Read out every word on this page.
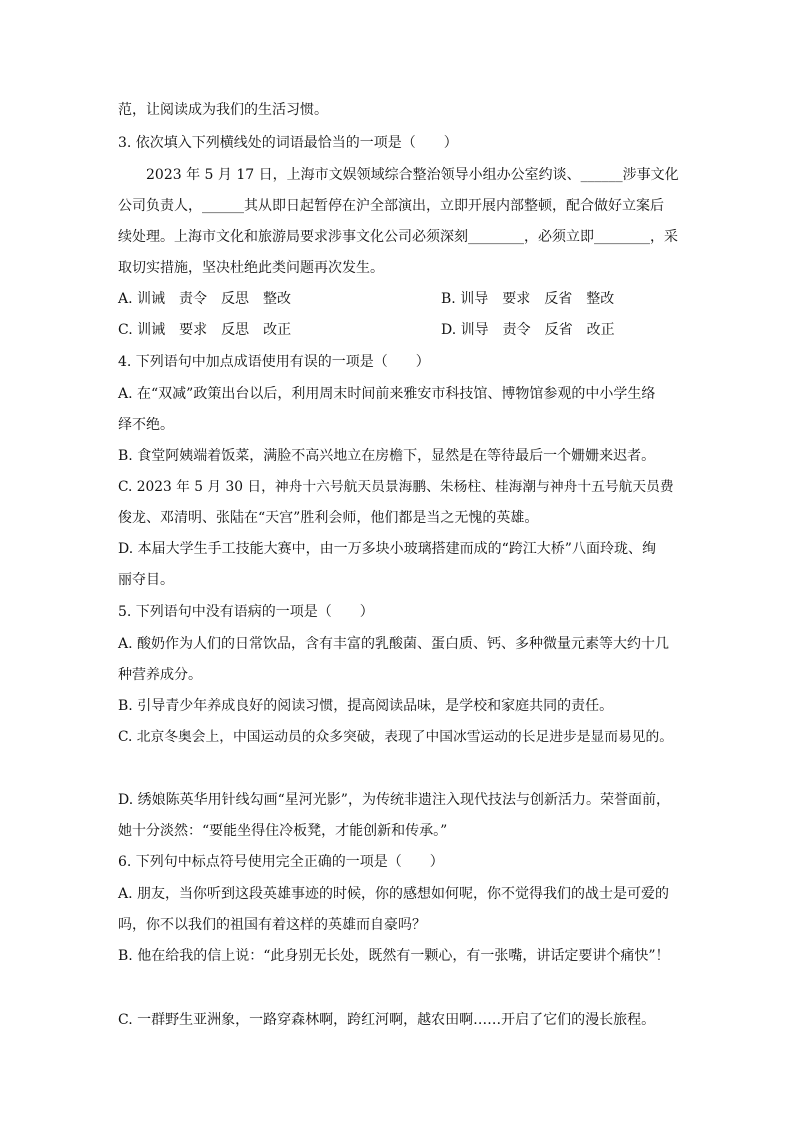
范，让阅读成为我们的生活习惯。
3. 依次填入下列横线处的词语最恰当的一项是（　　）
2023 年 5 月 17 日，上海市文娱领域综合整治领导小组办公室约谈、______涉事文化
公司负责人，______其从即日起暂停在沪全部演出，立即开展内部整顿，配合做好立案后
续处理。上海市文化和旅游局要求涉事文化公司必须深刻________，必须立即________，采
取切实措施，坚决杜绝此类问题再次发生。
A. 训诫　责令　反思　整改	B. 训导　要求　反省　整改
C. 训诫　要求　反思　改正	D. 训导　责令　反省　改正
4. 下列语句中加点成语使用有误的一项是（　　）
A. 在“双减”政策出台以后，利用周末时间前来雅安市科技馆、博物馆参观的中小学生络
绎不绝。
B. 食堂阿姨端着饭菜，满脸不高兴地立在房檐下，显然是在等待最后一个姗姗来迟者。
C. 2023 年 5 月 30 日，神舟十六号航天员景海鹏、朱杨柱、桂海潮与神舟十五号航天员费
俊龙、邓清明、张陆在“天宫”胜利会师，他们都是当之无愧的英雄。
D. 本届大学生手工技能大赛中，由一万多块小玻璃搭建而成的“跨江大桥”八面玲珑、绚
丽夺目。
5. 下列语句中没有语病的一项是（　　）
A. 酸奶作为人们的日常饮品，含有丰富的乳酸菌、蛋白质、钙、多种微量元素等大约十几
种营养成分。
B. 引导青少年养成良好的阅读习惯，提高阅读品味，是学校和家庭共同的责任。
C. 北京冬奥会上，中国运动员的众多突破，表现了中国冰雪运动的长足进步是显而易见的。
D. 绣娘陈英华用针线勾画“星河光影”，为传统非遗注入现代技法与创新活力。荣誉面前，
她十分淡然：“要能坐得住冷板凳，才能创新和传承。”
6. 下列句中标点符号使用完全正确的一项是（　　）
A. 朋友，当你听到这段英雄事迹的时候，你的感想如何呢，你不觉得我们的战士是可爱的
吗，你不以我们的祖国有着这样的英雄而自豪吗？
B. 他在给我的信上说：“此身别无长处，既然有一颗心，有一张嘴，讲话定要讲个痛快”！
C. 一群野生亚洲象，一路穿森林啊，跨红河啊，越农田啊……开启了它们的漫长旅程。
